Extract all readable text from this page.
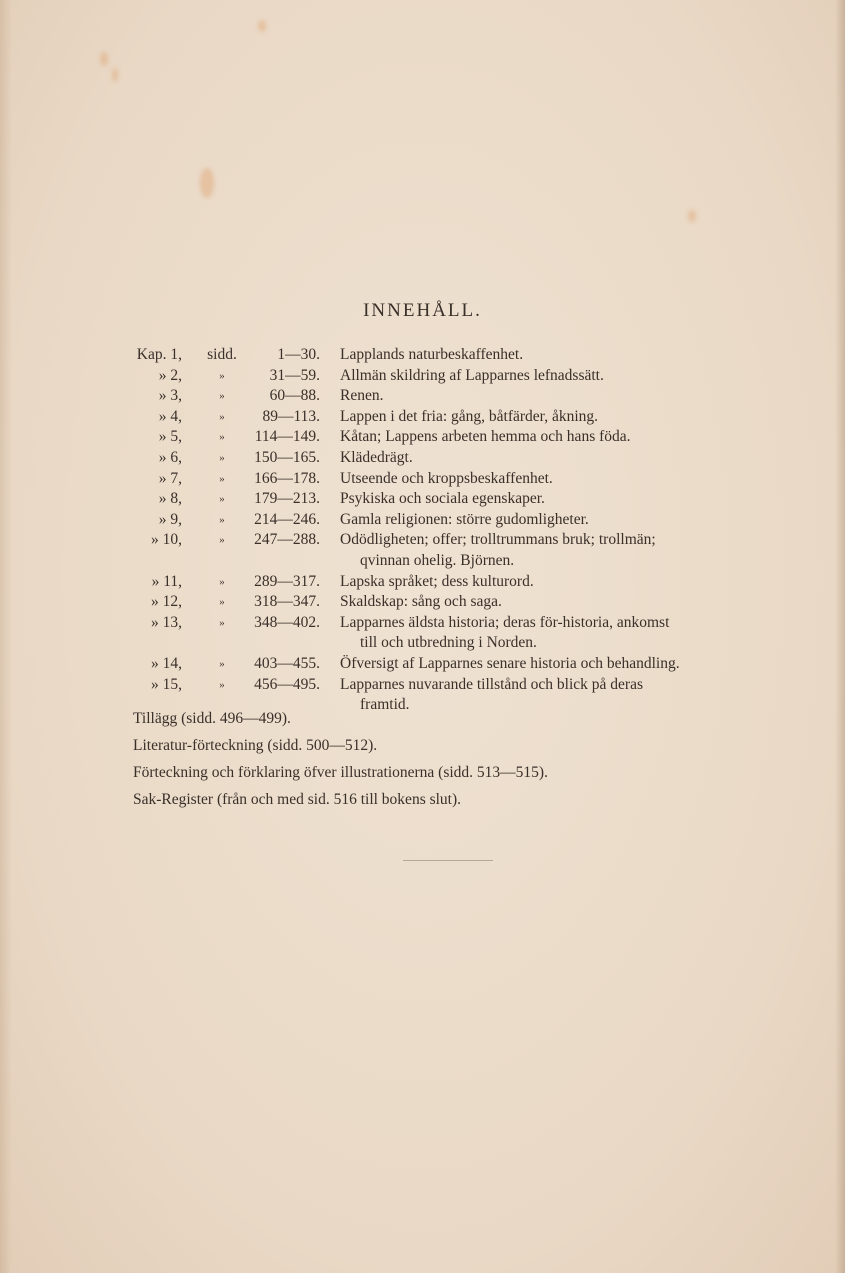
INNEHÅLL.
Kap. 1, sidd.	1—30. Lapplands naturbeskaffenhet.
» 2,	»	31—59. Allmän skildring af Lapparnes lefnadssätt.
» 3,	»	60—88. Renen.
» 4,	»	89—113. Lappen i det fria: gång, båtfärder, åkning.
» 5,	»	114—149. Kåtan; Lappens arbeten hemma och hans föda.
» 6,	»	150—165. Klädedrägt.
» 7,	»	166—178. Utseende och kroppsbeskaffenhet.
» 8,	»	179—213. Psykiska och sociala egenskaper.
» 9,	»	214—246. Gamla religionen: större gudomligheter.
» 10,	»	247—288. Odödligheten; offer; trolltrummans bruk; trollmän;
qvinnan ohelig. Björnen.
» 11,	»	289—317. Lapska språket; dess kulturord.
» 12,	»	318—347. Skaldskap: sång och saga.
» 13,	»	348—402. Lapparnes äldsta historia; deras för-historia, ankomst
till och utbredning i Norden.
» 14,	»	403—455. Öfversigt af Lapparnes senare historia och behandling.
» 15,	»	456—495. Lapparnes nuvarande tillstånd och blick på deras
framtid.
Tillägg (sidd. 496—499).
Literatur-förteckning (sidd. 500—512).
Förteckning och förklaring öfver illustrationerna (sidd. 513—515).
Sak-Register (från och med sid. 516 till bokens slut).
